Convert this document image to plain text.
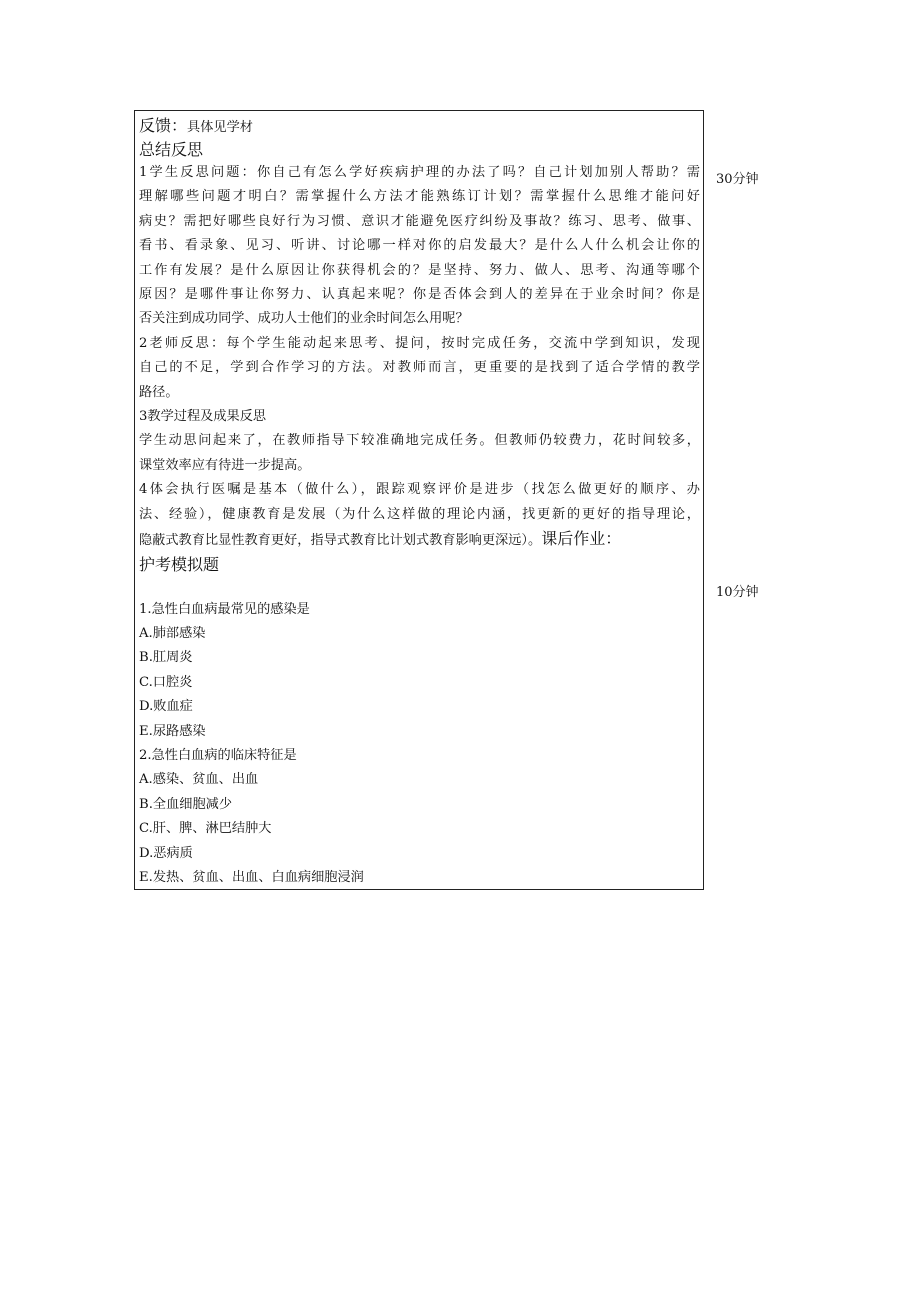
反馈：具体见学材
总结反思
1学生反思问题：你自己有怎么学好疾病护理的办法了吗？自己计划加别人帮助？需
理解哪些问题才明白？需掌握什么方法才能熟练订计划？需掌握什么思维才能问好
病史？需把好哪些良好行为习惯、意识才能避免医疗纠纷及事故？练习、思考、做事、
看书、看录象、见习、听讲、讨论哪一样对你的启发最大？是什么人什么机会让你的
工作有发展？是什么原因让你获得机会的？是坚持、努力、做人、思考、沟通等哪个
原因？是哪件事让你努力、认真起来呢？你是否体会到人的差异在于业余时间？你是
否关注到成功同学、成功人士他们的业余时间怎么用呢？
2老师反思：每个学生能动起来思考、提问，按时完成任务，交流中学到知识，发现
自己的不足，学到合作学习的方法。对教师而言，更重要的是找到了适合学情的教学
路径。
3教学过程及成果反思
学生动思问起来了，在教师指导下较准确地完成任务。但教师仍较费力，花时间较多，
课堂效率应有待进一步提高。
4体会执行医嘱是基本（做什么），跟踪观察评价是进步（找怎么做更好的顺序、办
法、经验），健康教育是发展（为什么这样做的理论内涵，找更新的更好的指导理论，
隐蔽式教育比显性教育更好，指导式教育比计划式教育影响更深远）。课后作业：
护考模拟题
1.急性白血病最常见的感染是
A.肺部感染
B.肛周炎
C.口腔炎
D.败血症
E.尿路感染
2.急性白血病的临床特征是
A.感染、贫血、出血
B.全血细胞减少
C.肝、脾、淋巴结肿大
D.恶病质
E.发热、贫血、出血、白血病细胞浸润
30分钟
10分钟
